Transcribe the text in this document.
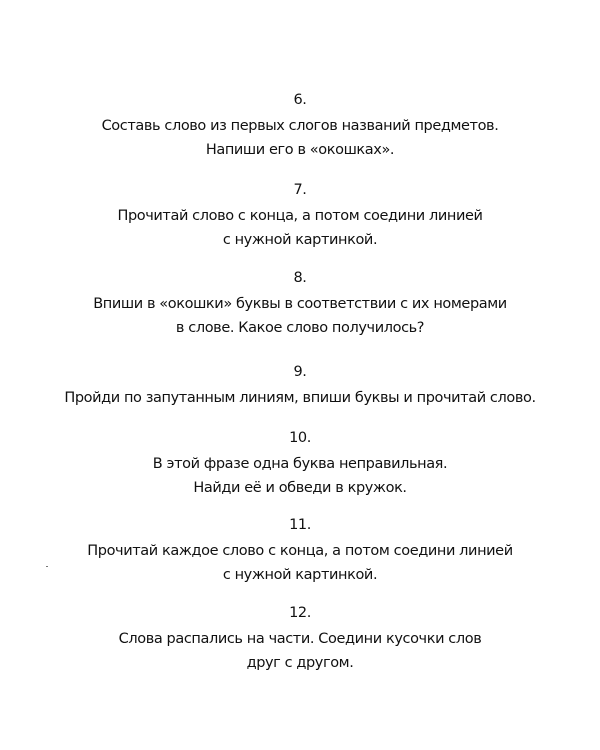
6.
Составь слово из первых слогов названий предметов.
Напиши его в «окошках».
7.
Прочитай слово с конца, а потом соедини линией
с нужной картинкой.
8.
Впиши в «окошки» буквы в соответствии с их номерами
в слове. Какое слово получилось?
9.
Пройди по запутанным линиям, впиши буквы и прочитай слово.
10.
В этой фразе одна буква неправильная.
Найди её и обведи в кружок.
11.
Прочитай каждое слово с конца, а потом соедини линией
с нужной картинкой.
12.
Слова распались на части. Соедини кусочки слов
друг с другом.
